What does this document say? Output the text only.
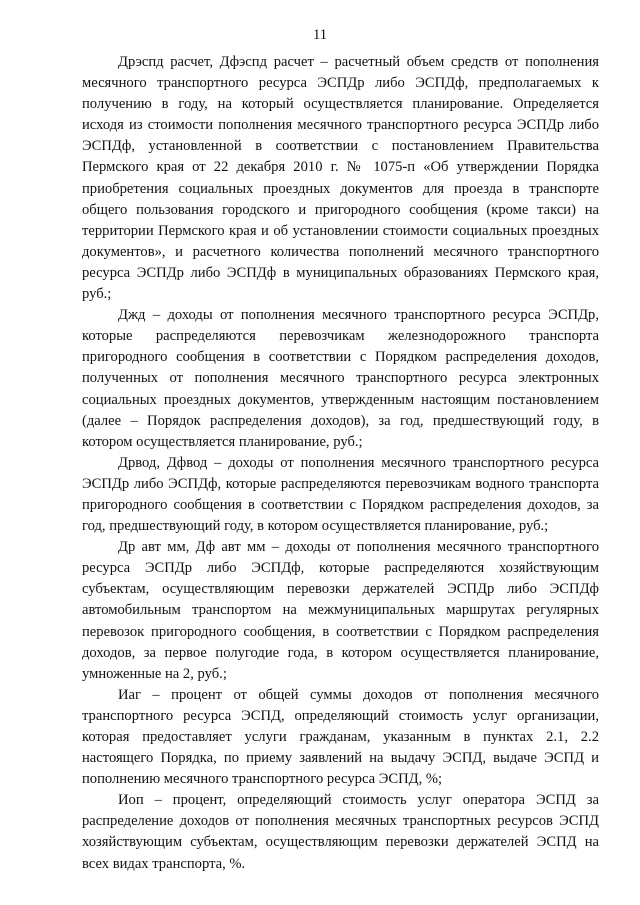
11

Дрэспд расчет, Дфэспд расчет – расчетный объем средств от пополнения месячного транспортного ресурса ЭСПДр либо ЭСПДф, предполагаемых к получению в году, на который осуществляется планирование. Определяется исходя из стоимости пополнения месячного транспортного ресурса ЭСПДр либо ЭСПДф, установленной в соответствии с постановлением Правительства Пермского края от 22 декабря 2010 г. № 1075-п «Об утверждении Порядка приобретения социальных проездных документов для проезда в транспорте общего пользования городского и пригородного сообщения (кроме такси) на территории Пермского края и об установлении стоимости социальных проездных документов», и расчетного количества пополнений месячного транспортного ресурса ЭСПДр либо ЭСПДф в муниципальных образованиях Пермского края, руб.;

Джд – доходы от пополнения месячного транспортного ресурса ЭСПДр, которые распределяются перевозчикам железнодорожного транспорта пригородного сообщения в соответствии с Порядком распределения доходов, полученных от пополнения месячного транспортного ресурса электронных социальных проездных документов, утвержденным настоящим постановлением (далее – Порядок распределения доходов), за год, предшествующий году, в котором осуществляется планирование, руб.;

Дрвод, Дфвод – доходы от пополнения месячного транспортного ресурса ЭСПДр либо ЭСПДф, которые распределяются перевозчикам водного транспорта пригородного сообщения в соответствии с Порядком распределения доходов, за год, предшествующий году, в котором осуществляется планирование, руб.;

Др авт мм, Дф авт мм – доходы от пополнения месячного транспортного ресурса ЭСПДр либо ЭСПДф, которые распределяются хозяйствующим субъектам, осуществляющим перевозки держателей ЭСПДр либо ЭСПДф автомобильным транспортом на межмуниципальных маршрутах регулярных перевозок пригородного сообщения, в соответствии с Порядком распределения доходов, за первое полугодие года, в котором осуществляется планирование, умноженные на 2, руб.;

Иаг – процент от общей суммы доходов от пополнения месячного транспортного ресурса ЭСПД, определяющий стоимость услуг организации, которая предоставляет услуги гражданам, указанным в пунктах 2.1, 2.2 настоящего Порядка, по приему заявлений на выдачу ЭСПД, выдаче ЭСПД и пополнению месячного транспортного ресурса ЭСПД, %;

Иоп – процент, определяющий стоимость услуг оператора ЭСПД за распределение доходов от пополнения месячных транспортных ресурсов ЭСПД хозяйствующим субъектам, осуществляющим перевозки держателей ЭСПД на всех видах транспорта, %.
